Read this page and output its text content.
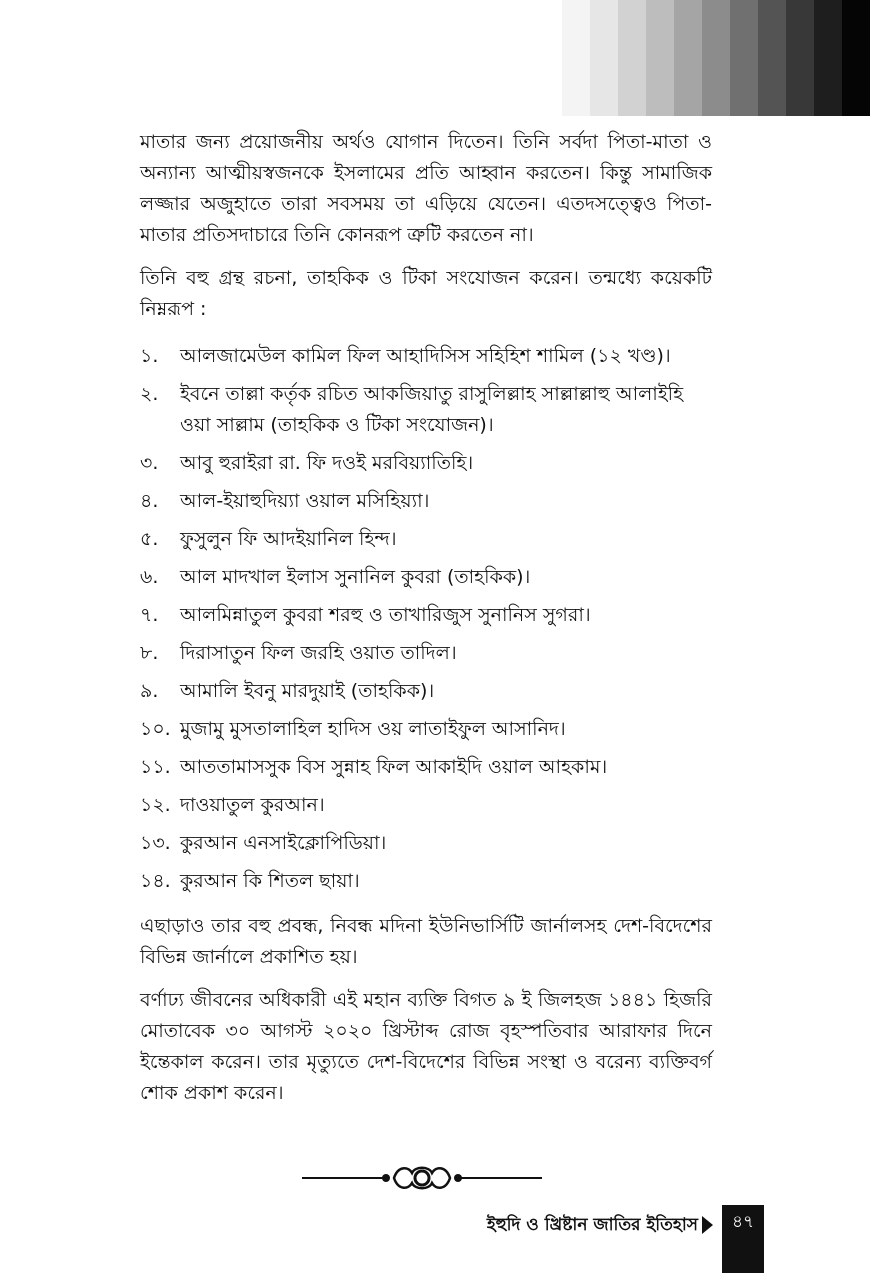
মাতার জন্য প্রয়োজনীয় অর্থও যোগান দিতেন। তিনি সর্বদা পিতা-মাতা ও অন্যান্য আত্মীয়স্বজনকে ইসলামের প্রতি আহ্বান করতেন। কিন্তু সামাজিক লজ্জার অজুহাতে তারা সবসময় তা এড়িয়ে যেতেন। এতদসত্ত্বেও পিতা-মাতার প্রতিসদাচারে তিনি কোনরূপ ত্রুটি করতেন না।

তিনি বহু গ্রন্থ রচনা, তাহকিক ও টিকা সংযোজন করেন। তন্মধ্যে কয়েকটি নিম্নরূপ :

১.	আলজামেউল কামিল ফিল আহাদিসিস সহিহিশ শামিল (১২ খণ্ড)।
২.	ইবনে তাল্লা কর্তৃক রচিত আকজিয়াতু রাসুলিল্লাহ সাল্লাল্লাহু আলাইহি ওয়া সাল্লাম (তাহকিক ও টিকা সংযোজন)।
৩.	আবু হুরাইরা রা. ফি দওই মরবিয়্যাতিহি।
৪.	আল-ইয়াহুদিয়্যা ওয়াল মসিহিয়্যা।
৫.	ফুসুলুন ফি আদইয়ানিল হিন্দ।
৬.	আল মাদখাল ইলাস সুনানিল কুবরা (তাহকিক)।
৭.	আলমিন্নাতুল কুবরা শরহু ও তাখারিজুস সুনানিস সুগরা।
৮.	দিরাসাতুন ফিল জরহি ওয়াত তাদিল।
৯.	আমালি ইবনু মারদুয়াই (তাহকিক)।
১০. মুজামু মুসতালাহিল হাদিস ওয় লাতাইফুল আসানিদ।
১১. আততামাসসুক বিস সুন্নাহ ফিল আকাইদি ওয়াল আহকাম।
১২. দাওয়াতুল কুরআন।
১৩. কুরআন এনসাইক্লোপিডিয়া।
১৪. কুরআন কি শিতল ছায়া।

এছাড়াও তার বহু প্রবন্ধ, নিবন্ধ মদিনা ইউনিভার্সিটি জার্নালসহ দেশ-বিদেশের বিভিন্ন জার্নালে প্রকাশিত হয়।

বর্ণাঢ্য জীবনের অধিকারী এই মহান ব্যক্তি বিগত ৯ ই জিলহজ ১৪৪১ হিজরি মোতাবেক ৩০ আগস্ট ২০২০ খ্রিস্টাব্দ রোজ বৃহস্পতিবার আরাফার দিনে ইন্তেকাল করেন। তার মৃত্যুতে দেশ-বিদেশের বিভিন্ন সংস্থা ও বরেন্য ব্যক্তিবর্গ শোক প্রকাশ করেন।

ইহুদি ও খ্রিষ্টান জাতির ইতিহাস	৪৭
